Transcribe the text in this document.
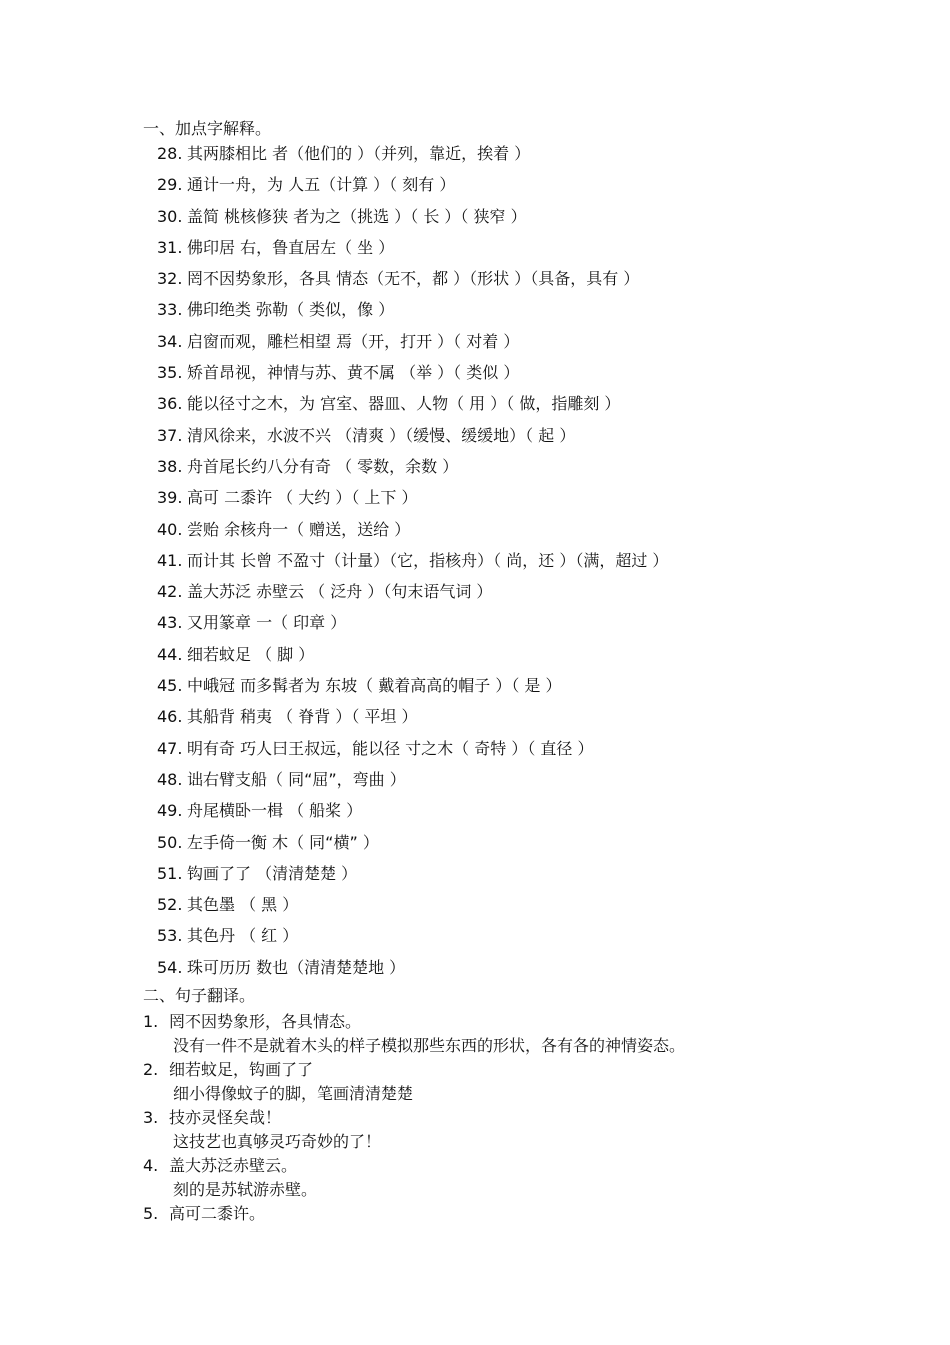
一、加点字解释。
28. 其两膝相比 者（他们的 ）（并列，靠近，挨着 ）
29. 通计一舟，为 人五（计算 ）（ 刻有 ）
30. 盖简 桃核修狭 者为之（挑选 ）（ 长 ）（ 狭窄 ）
31. 佛印居 右，鲁直居左（ 坐 ）
32. 罔不因势象形，各具 情态（无不，都 ）（形状 ）（具备，具有 ）
33. 佛印绝类 弥勒（ 类似，像 ）
34. 启窗而观，雕栏相望 焉（开，打开 ）（ 对着 ）
35. 矫首昂视，神情与苏、黄不属 （举 ）（ 类似 ）
36. 能以径寸之木，为 宫室、器皿、人物（ 用 ）（ 做，指雕刻 ）
37. 清风徐来，水波不兴 （清爽 ）（缓慢、缓缓地）（ 起 ）
38. 舟首尾长约八分有奇 （ 零数，余数 ）
39. 高可 二黍许 （ 大约 ）（ 上下 ）
40. 尝贻 余核舟一（ 赠送，送给 ）
41. 而计其 长曾 不盈寸（计量）（它，指核舟）（ 尚，还 ）（满，超过 ）
42. 盖大苏泛 赤壁云 （ 泛舟 ）（句末语气词 ）
43. 又用篆章 一（ 印章 ）
44. 细若蚊足 （ 脚 ）
45. 中峨冠 而多髯者为 东坡（ 戴着高高的帽子 ）（ 是 ）
46. 其船背 稍夷 （ 脊背 ）（ 平坦 ）
47. 明有奇 巧人曰王叔远，能以径 寸之木（ 奇特 ）（ 直径 ）
48. 诎右臂支船（ 同“屈”，弯曲 ）
49. 舟尾横卧一楫 （ 船桨 ）
50. 左手倚一衡 木（ 同“横” ）
51. 钩画了了 （清清楚楚 ）
52. 其色墨 （ 黑 ）
53. 其色丹 （ 红 ）
54. 珠可历历 数也（清清楚楚地 ）
二、句子翻译。
1. 罔不因势象形，各具情态。
没有一件不是就着木头的样子模拟那些东西的形状，各有各的神情姿态。
2. 细若蚊足，钩画了了
细小得像蚊子的脚，笔画清清楚楚
3. 技亦灵怪矣哉！
这技艺也真够灵巧奇妙的了！
4. 盖大苏泛赤壁云。
刻的是苏轼游赤壁。
5. 高可二黍许。
